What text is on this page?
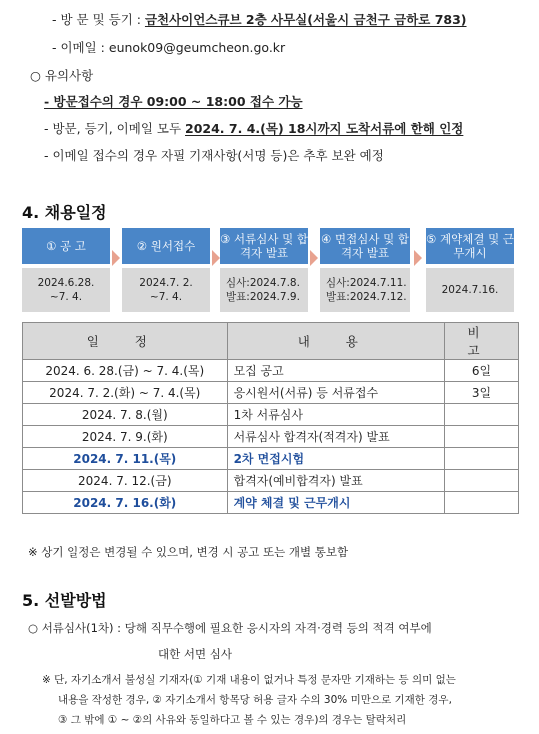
- 방 문 및 등기 : 금천사이언스큐브 2층 사무실(서울시 금천구 금하로 783)
- 이메일 : eunok09@geumcheon.go.kr
○ 유의사항
- 방문접수의 경우 09:00 ~ 18:00 접수 가능
- 방문, 등기, 이메일 모두 2024. 7. 4.(목) 18시까지 도착서류에 한해 인정
- 이메일 접수의 경우 자필 기재사항(서명 등)은 추후 보완 예정
4. 채용일정
① 공 고
2024.6.28.
~7. 4.
② 원서접수
2024.7. 2.
~7. 4.
③ 서류심사 및 합격자 발표
심사:2024.7.8.
발표:2024.7.9.
④ 면접심사 및 합격자 발표
심사:2024.7.11.
발표:2024.7.12.
⑤ 계약체결 및 근무개시
2024.7.16.
일 정	내 용	비 고
2024. 6. 28.(금) ~ 7. 4.(목)	모집 공고	6일
2024. 7. 2.(화) ~ 7. 4.(목)	응시원서(서류) 등 서류접수	3일
2024. 7. 8.(월)	1차 서류심사	
2024. 7. 9.(화)	서류심사 합격자(적격자) 발표	
2024. 7. 11.(목)	2차 면접시험	
2024. 7. 12.(금)	합격자(예비합격자) 발표	
2024. 7. 16.(화)	계약 체결 및 근무개시	
※ 상기 일정은 변경될 수 있으며, 변경 시 공고 또는 개별 통보함
5. 선발방법
○ 서류심사(1차) : 당해 직무수행에 필요한 응시자의 자격·경력 등의 적격 여부에
대한 서면 심사
※ 단, 자기소개서 불성실 기재자(① 기재 내용이 없거나 특정 문자만 기재하는 등 의미 없는
내용을 작성한 경우, ② 자기소개서 항목당 허용 글자 수의 30% 미만으로 기재한 경우,
③ 그 밖에 ① ~ ②의 사유와 동일하다고 볼 수 있는 경우)의 경우는 탈락처리
